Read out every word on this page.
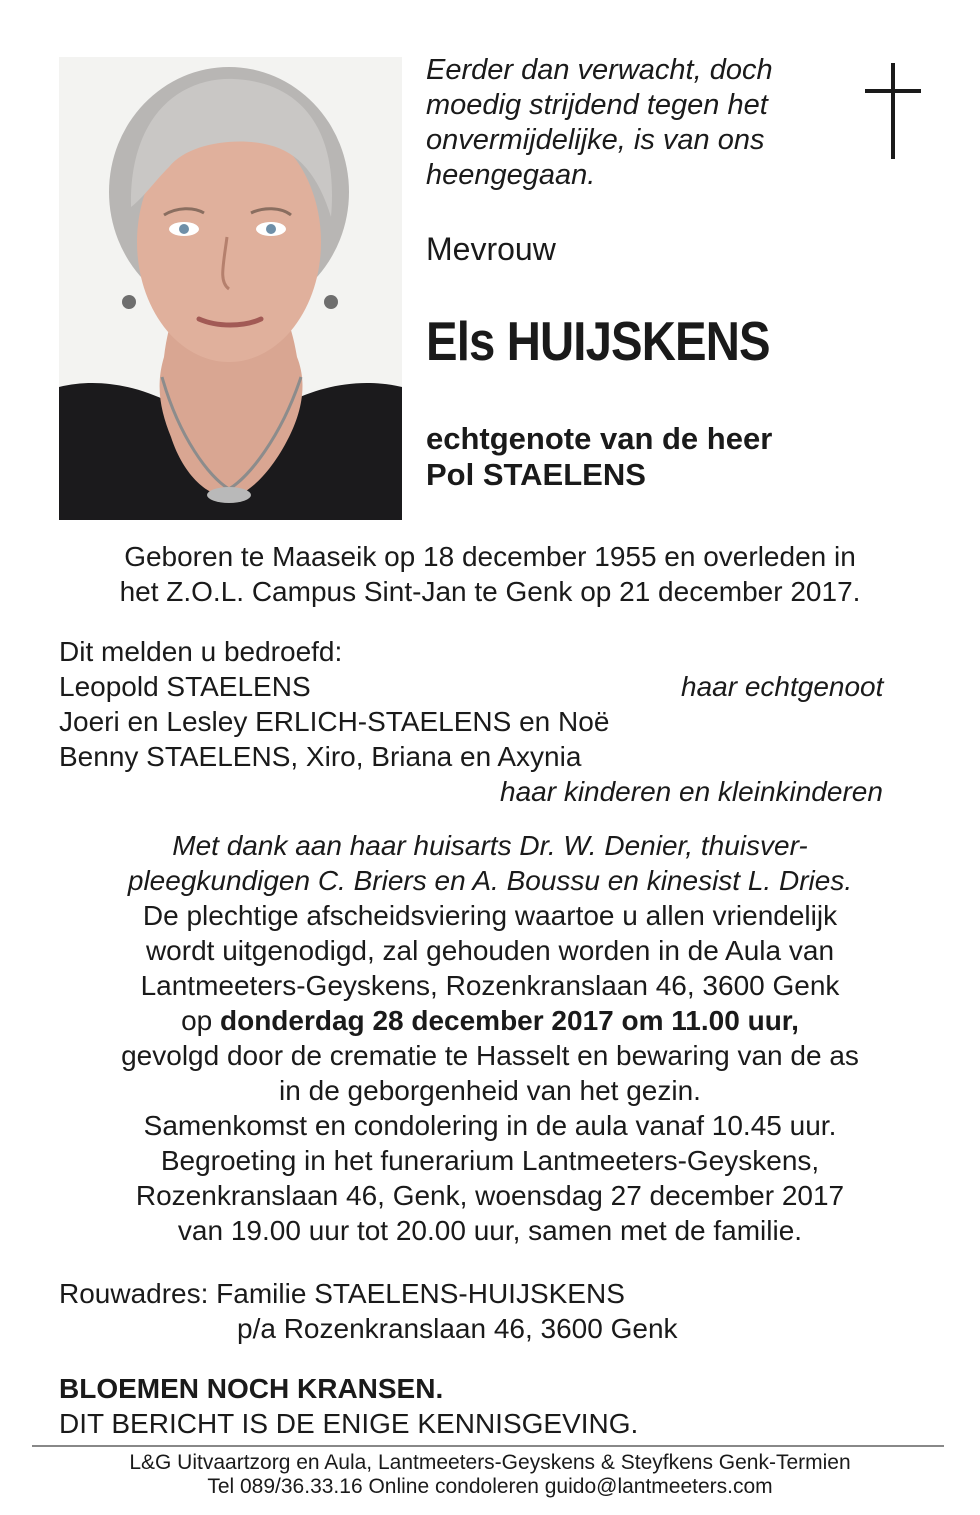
Eerder dan verwacht, doch
moedig strijdend tegen het
onvermijdelijke, is van ons
heengegaan.
Mevrouw
Els HUIJSKENS
echtgenote van de heer
Pol STAELENS
Geboren te Maaseik op 18 december 1955 en overleden in
het Z.O.L. Campus Sint-Jan te Genk op 21 december 2017.
Dit melden u bedroefd:
Leopold STAELENS	haar echtgenoot
Joeri en Lesley ERLICH-STAELENS en Noë
Benny STAELENS, Xiro, Briana en Axynia
haar kinderen en kleinkinderen
Met dank aan haar huisarts Dr. W. Denier, thuisver-
pleegkundigen C. Briers en A. Boussu en kinesist L. Dries.
De plechtige afscheidsviering waartoe u allen vriendelijk
wordt uitgenodigd, zal gehouden worden in de Aula van
Lantmeeters-Geyskens, Rozenkranslaan 46, 3600 Genk
op donderdag 28 december 2017 om 11.00 uur,
gevolgd door de crematie te Hasselt en bewaring van de as
in de geborgenheid van het gezin.
Samenkomst en condolering in de aula vanaf 10.45 uur.
Begroeting in het funerarium Lantmeeters-Geyskens,
Rozenkranslaan 46, Genk, woensdag 27 december 2017
van 19.00 uur tot 20.00 uur, samen met de familie.
Rouwadres: Familie STAELENS-HUIJSKENS
p/a Rozenkranslaan 46, 3600 Genk
BLOEMEN NOCH KRANSEN.
DIT BERICHT IS DE ENIGE KENNISGEVING.
L&G Uitvaartzorg en Aula, Lantmeeters-Geyskens & Steyfkens Genk-Termien
Tel 089/36.33.16 Online condoleren guido@lantmeeters.com
